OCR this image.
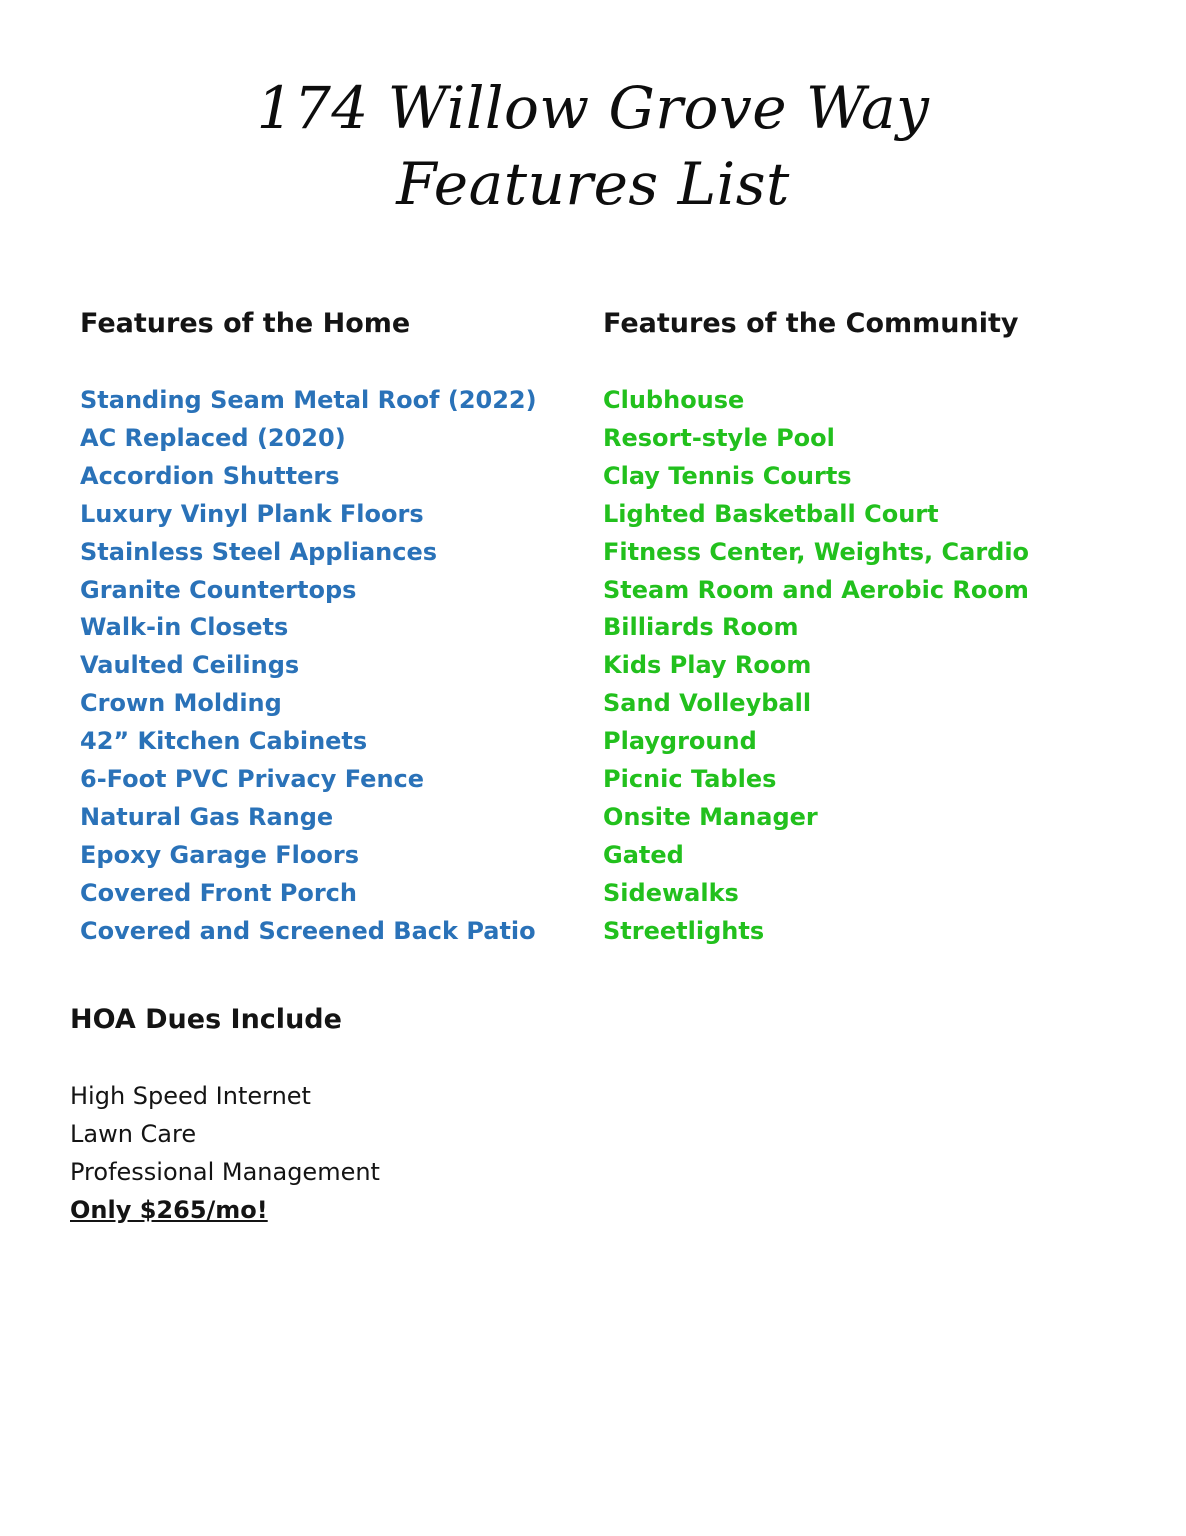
174 Willow Grove Way
Features List
Features of the Home
Standing Seam Metal Roof (2022)
AC Replaced (2020)
Accordion Shutters
Luxury Vinyl Plank Floors
Stainless Steel Appliances
Granite Countertops
Walk-in Closets
Vaulted Ceilings
Crown Molding
42” Kitchen Cabinets
6-Foot PVC Privacy Fence
Natural Gas Range
Epoxy Garage Floors
Covered Front Porch
Covered and Screened Back Patio
Features of the Community
Clubhouse
Resort-style Pool
Clay Tennis Courts
Lighted Basketball Court
Fitness Center, Weights, Cardio
Steam Room and Aerobic Room
Billiards Room
Kids Play Room
Sand Volleyball
Playground
Picnic Tables
Onsite Manager
Gated
Sidewalks
Streetlights
HOA Dues Include
High Speed Internet
Lawn Care
Professional Management
Only $265/mo!
